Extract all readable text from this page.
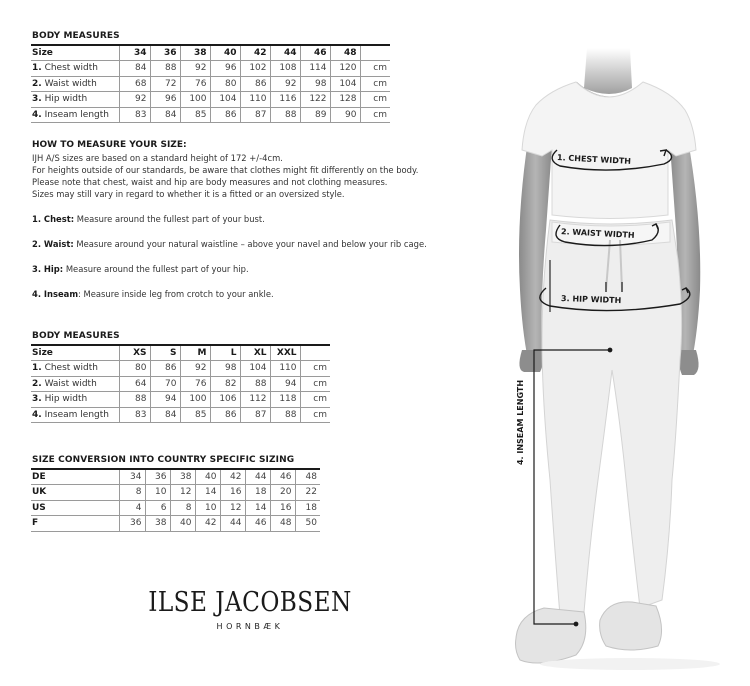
BODY MEASURES
Size	34	36	38	40	42	44	46	48	
1. Chest width	84	88	92	96	102	108	114	120	cm
2. Waist width	68	72	76	80	86	92	98	104	cm
3. Hip width	92	96	100	104	110	116	122	128	cm
4. Inseam length	83	84	85	86	87	88	89	90	cm
HOW TO MEASURE YOUR SIZE:
IJH A/S sizes are based on a standard height of 172 +/-4cm.
For heights outside of our standards, be aware that clothes might fit differently on the body.
Please note that chest, waist and hip are body measures and not clothing measures.
Sizes may still vary in regard to whether it is a fitted or an oversized style.
1. Chest: Measure around the fullest part of your bust.
2. Waist: Measure around your natural waistline – above your navel and below your rib cage.
3. Hip: Measure around the fullest part of your hip.
4. Inseam: Measure inside leg from crotch to your ankle.
BODY MEASURES
Size	XS	S	M	L	XL	XXL	
1. Chest width	80	86	92	98	104	110	cm
2. Waist width	64	70	76	82	88	94	cm
3. Hip width	88	94	100	106	112	118	cm
4. Inseam length	83	84	85	86	87	88	cm
SIZE CONVERSION INTO COUNTRY SPECIFIC SIZING
DE	34	36	38	40	42	44	46	48
UK	8	10	12	14	16	18	20	22
US	4	6	8	10	12	14	16	18
F	36	38	40	42	44	46	48	50
ILSE JACOBSEN
HORNBÆK
1. CHEST WIDTH
2. WAIST WIDTH
3. HIP WIDTH
4. INSEAM LENGTH
